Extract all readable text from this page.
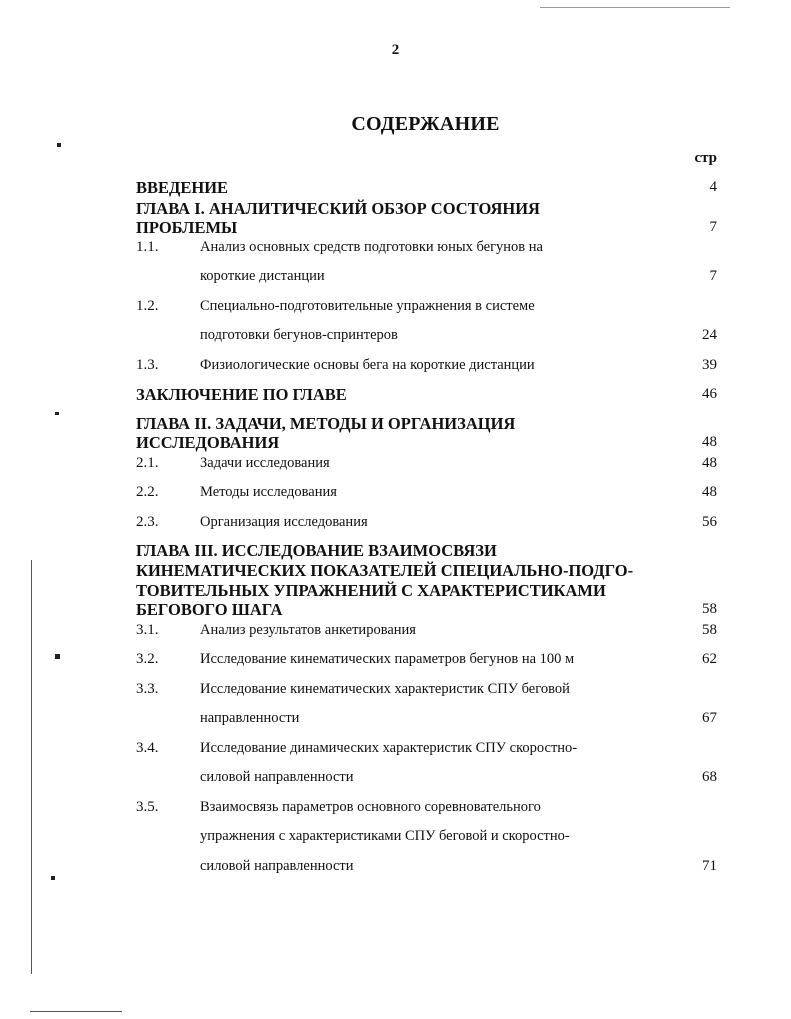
2
СОДЕРЖАНИЕ
стр
ВВЕДЕНИЕ	4
ГЛАВА I. АНАЛИТИЧЕСКИЙ ОБЗОР СОСТОЯНИЯ
ПРОБЛЕМЫ	7
1.1.	Анализ основных средств подготовки юных бегунов на
короткие дистанции	7
1.2.	Специально-подготовительные упражнения в системе
подготовки бегунов-спринтеров	24
1.3.	Физиологические основы бега на короткие дистанции	39
ЗАКЛЮЧЕНИЕ ПО ГЛАВЕ	46
ГЛАВА II. ЗАДАЧИ, МЕТОДЫ И ОРГАНИЗАЦИЯ
ИССЛЕДОВАНИЯ	48
2.1.	Задачи исследования	48
2.2.	Методы исследования	48
2.3.	Организация исследования	56
ГЛАВА III. ИССЛЕДОВАНИЕ ВЗАИМОСВЯЗИ
КИНЕМАТИЧЕСКИХ ПОКАЗАТЕЛЕЙ СПЕЦИАЛЬНО-ПОДГО-
ТОВИТЕЛЬНЫХ УПРАЖНЕНИЙ С ХАРАКТЕРИСТИКАМИ
БЕГОВОГО ШАГА	58
3.1.	Анализ результатов анкетирования	58
3.2.	Исследование кинематических параметров бегунов на 100 м	62
3.3.	Исследование кинематических характеристик СПУ беговой
направленности	67
3.4.	Исследование динамических характеристик СПУ скоростно-
силовой направленности	68
3.5.	Взаимосвязь параметров основного соревновательного
упражнения с характеристиками СПУ беговой и скоростно-
силовой направленности	71
